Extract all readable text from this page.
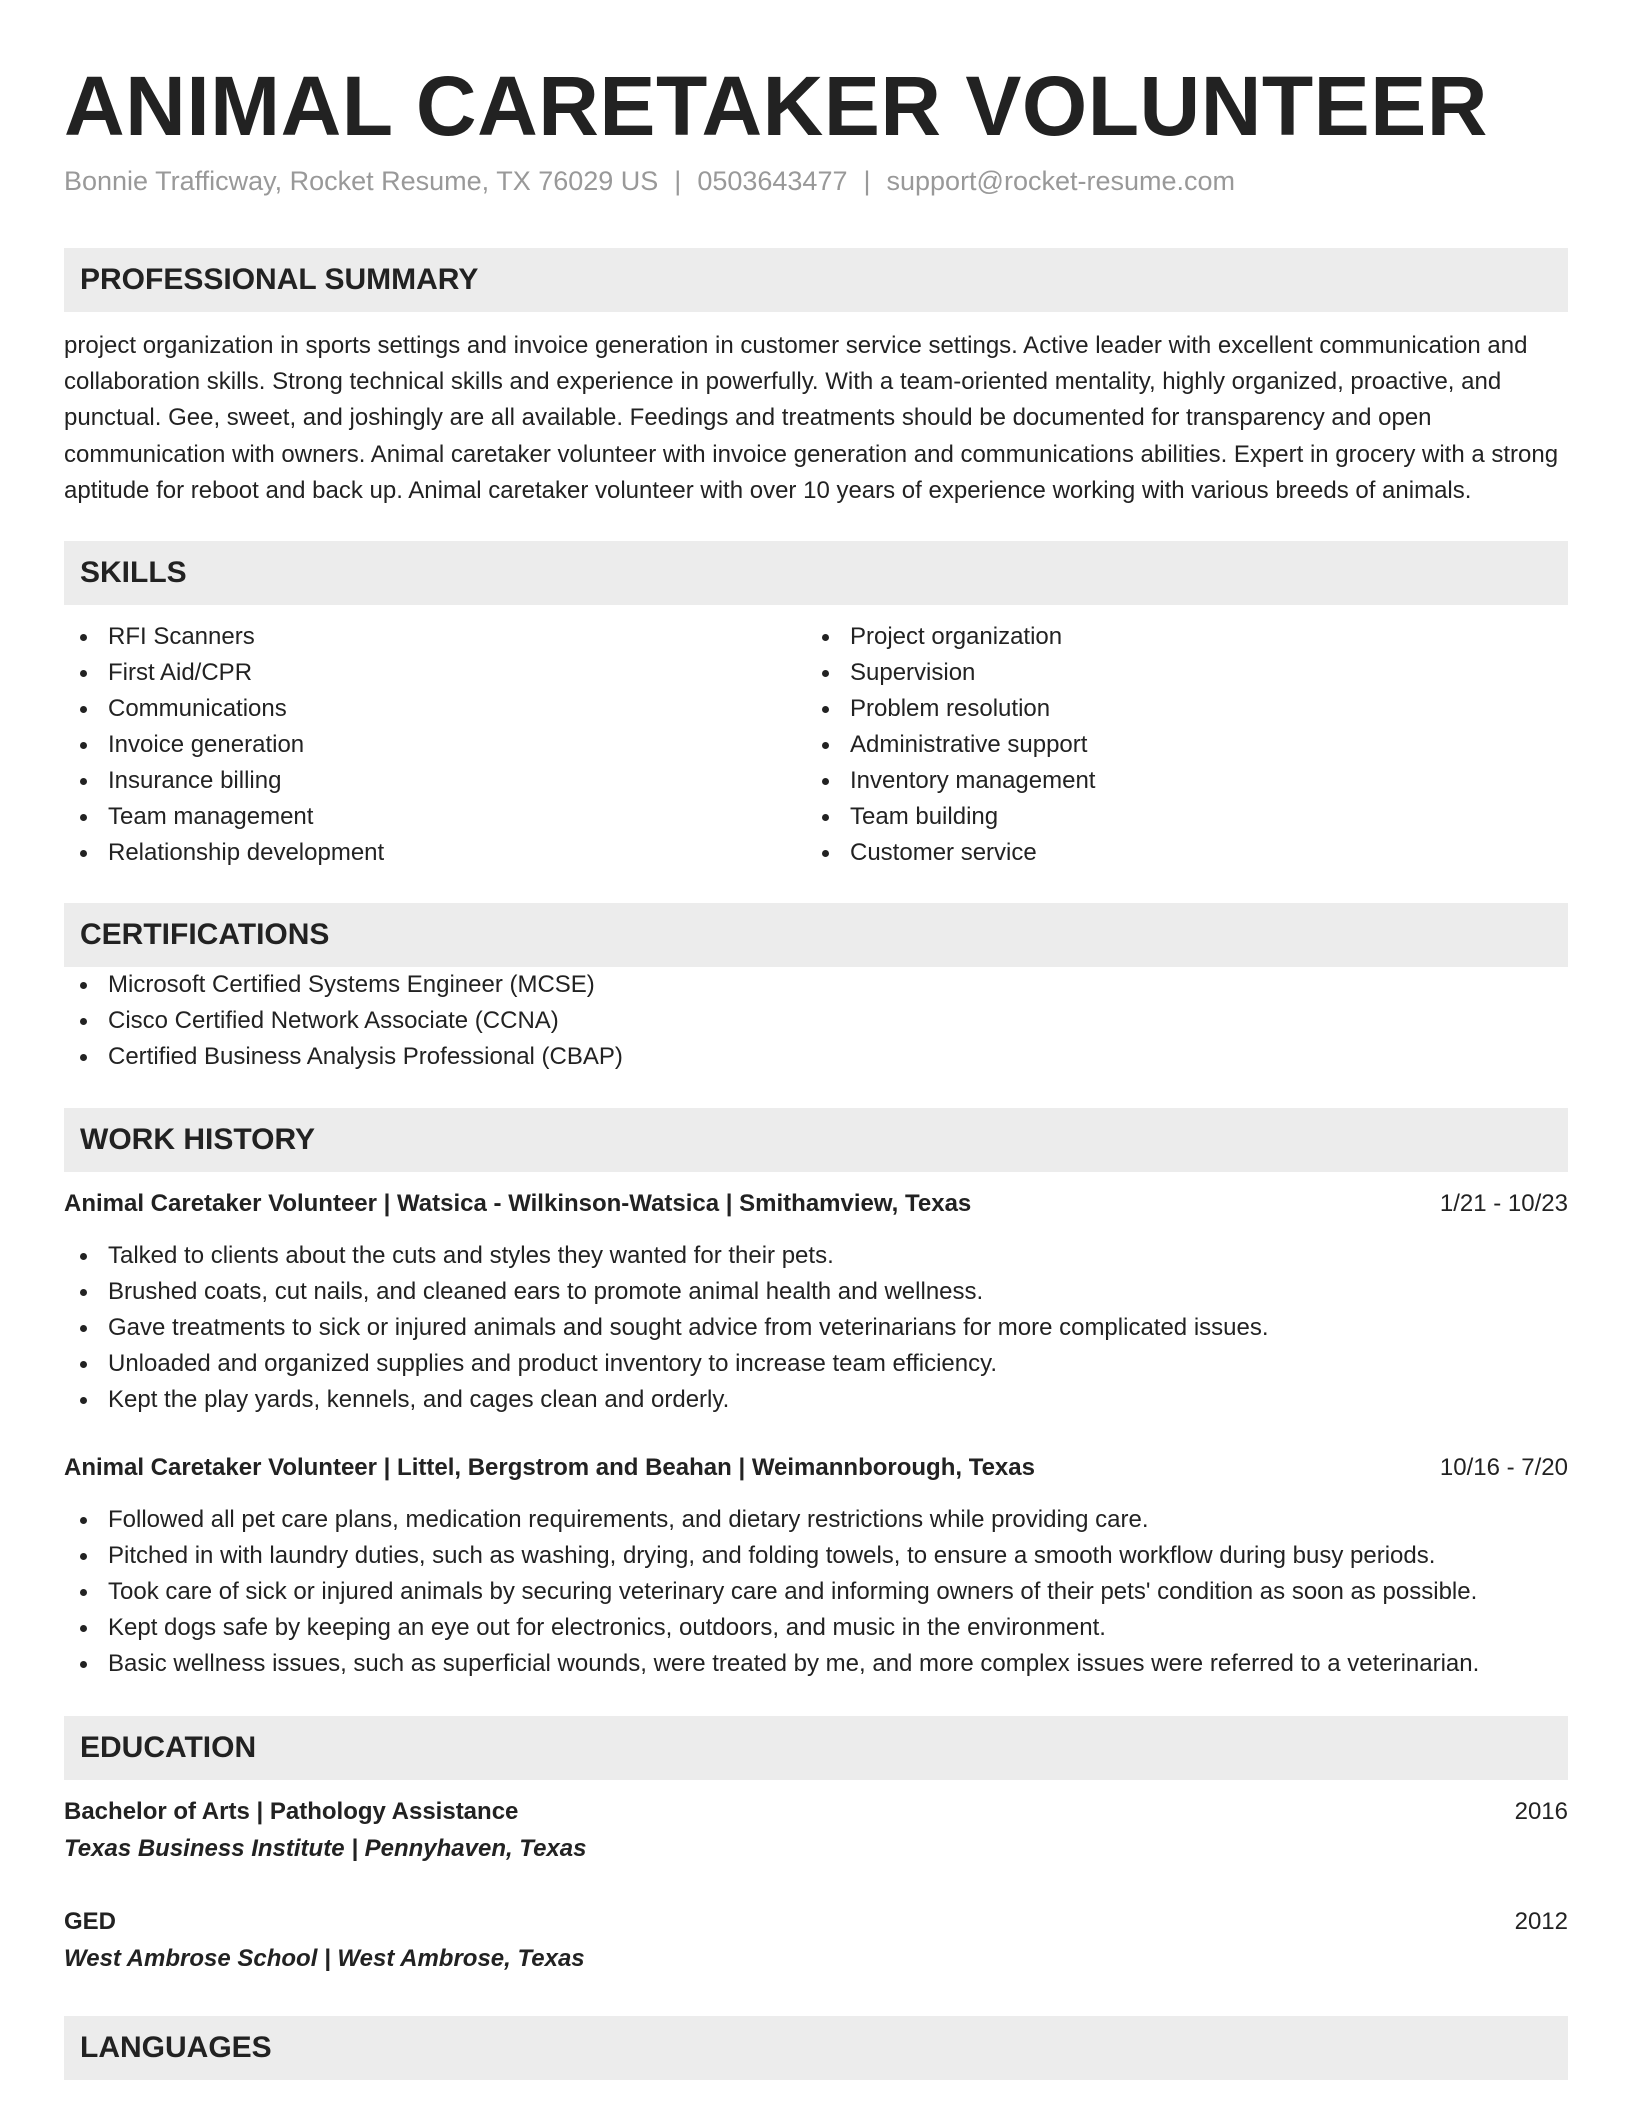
ANIMAL CARETAKER VOLUNTEER
Bonnie Trafficway, Rocket Resume, TX 76029 US | 0503643477 | support@rocket-resume.com
PROFESSIONAL SUMMARY

project organization in sports settings and invoice generation in customer service settings. Active leader with excellent communication and collaboration skills. Strong technical skills and experience in powerfully. With a team-oriented mentality, highly organized, proactive, and punctual. Gee, sweet, and joshingly are all available. Feedings and treatments should be documented for transparency and open communication with owners. Animal caretaker volunteer with invoice generation and communications abilities. Expert in grocery with a strong aptitude for reboot and back up. Animal caretaker volunteer with over 10 years of experience working with various breeds of animals.

SKILLS
RFI Scanners
First Aid/CPR
Communications
Invoice generation
Insurance billing
Team management
Relationship development
Project organization
Supervision
Problem resolution
Administrative support
Inventory management
Team building
Customer service
CERTIFICATIONS
Microsoft Certified Systems Engineer (MCSE)
Cisco Certified Network Associate (CCNA)
Certified Business Analysis Professional (CBAP)
WORK HISTORY
Animal Caretaker Volunteer | Watsica - Wilkinson-Watsica | Smithamview, Texas	1/21 - 10/23
Talked to clients about the cuts and styles they wanted for their pets.
Brushed coats, cut nails, and cleaned ears to promote animal health and wellness.
Gave treatments to sick or injured animals and sought advice from veterinarians for more complicated issues.
Unloaded and organized supplies and product inventory to increase team efficiency.
Kept the play yards, kennels, and cages clean and orderly.
Animal Caretaker Volunteer | Littel, Bergstrom and Beahan | Weimannborough, Texas	10/16 - 7/20
Followed all pet care plans, medication requirements, and dietary restrictions while providing care.
Pitched in with laundry duties, such as washing, drying, and folding towels, to ensure a smooth workflow during busy periods.
Took care of sick or injured animals by securing veterinary care and informing owners of their pets' condition as soon as possible.
Kept dogs safe by keeping an eye out for electronics, outdoors, and music in the environment.
Basic wellness issues, such as superficial wounds, were treated by me, and more complex issues were referred to a veterinarian.
EDUCATION
Bachelor of Arts | Pathology Assistance	2016
Texas Business Institute | Pennyhaven, Texas
GED	2012
West Ambrose School | West Ambrose, Texas
LANGUAGES
